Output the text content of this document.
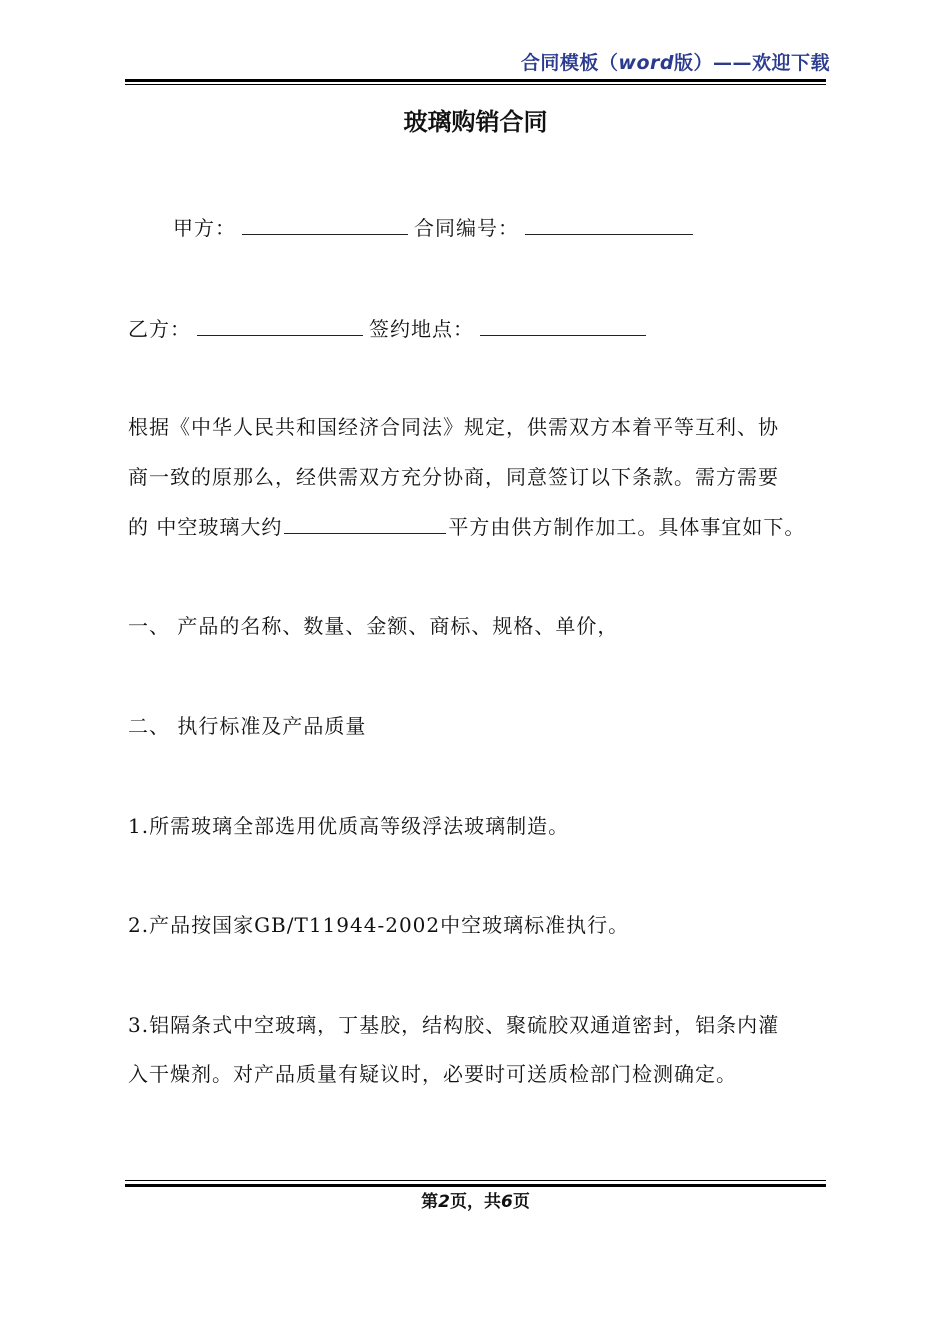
合同模板（word版）——欢迎下载
玻璃购销合同
甲方：	合同编号：
乙方：	签约地点：
根据《中华人民共和国经济合同法》规定，供需双方本着平等互利、协
商一致的原那么，经供需双方充分协商，同意签订以下条款。需方需要
的 中空玻璃大约	平方由供方制作加工。具体事宜如下。
一、 产品的名称、数量、金额、商标、规格、单价，
二、 执行标准及产品质量
1.所需玻璃全部选用优质高等级浮法玻璃制造。
2.产品按国家GB/T11944-2002中空玻璃标准执行。
3.铝隔条式中空玻璃，丁基胶，结构胶、聚硫胶双通道密封，铝条内灌
入干燥剂。对产品质量有疑议时，必要时可送质检部门检测确定。
第2页，共6页
